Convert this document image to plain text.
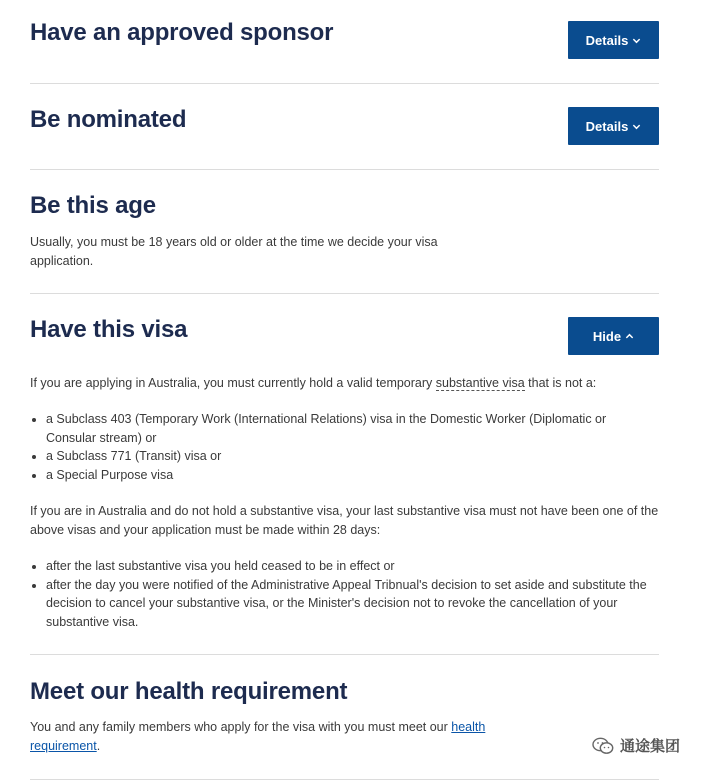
Have an approved sponsor	Details
Be nominated	Details
Be this age

Usually, you must be 18 years old or older at the time we decide your visa application.

Have this visa	Hide

If you are applying in Australia, you must currently hold a valid temporary substantive visa that is not a:

• a Subclass 403 (Temporary Work (International Relations) visa in the Domestic Worker (Diplomatic or Consular stream) or
• a Subclass 771 (Transit) visa or
• a Special Purpose visa

If you are in Australia and do not hold a substantive visa, your last substantive visa must not have been one of the above visas and your application must be made within 28 days:

• after the last substantive visa you held ceased to be in effect or
• after the day you were notified of the Administrative Appeal Tribnual's decision to set aside and substitute the decision to cancel your substantive visa, or the Minister's decision not to revoke the cancellation of your substantive visa.
Meet our health requirement

You and any family members who apply for the visa with you must meet our health requirement.	通途集团
